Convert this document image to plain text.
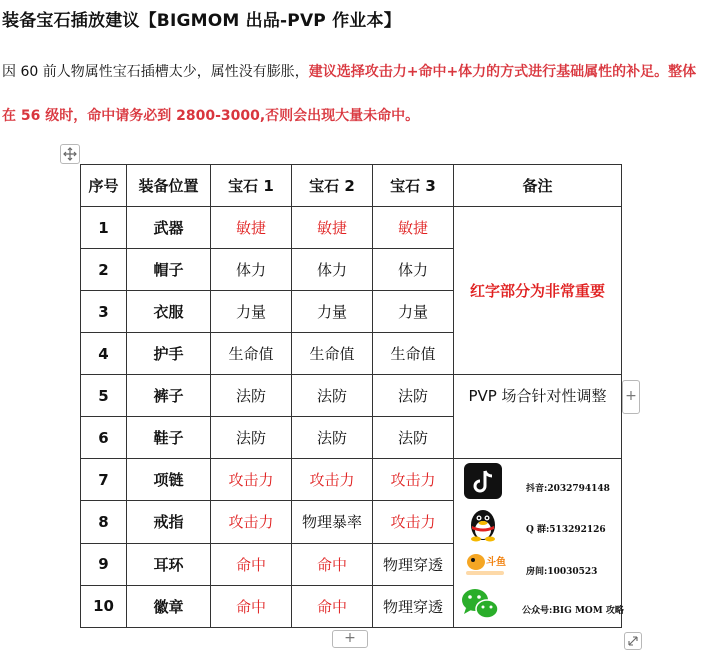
装备宝石插放建议【BIGMOM 出品-PVP 作业本】
因 60 前人物属性宝石插槽太少，属性没有膨胀，建议选择攻击力+命中+体力的方式进行基础属性的补足。整体在 56 级时，命中请务必到 2800-3000,否则会出现大量未命中。
序号	装备位置	宝石 1	宝石 2	宝石 3	备注
1	武器	敏捷	敏捷	敏捷	红字部分为非常重要
2	帽子	体力	体力	体力	
3	衣服	力量	力量	力量	
4	护手	生命值	生命值	生命值	
5	裤子	法防	法防	法防	PVP 场合针对性调整
6	鞋子	法防	法防	法防	
7	项链	攻击力	攻击力	攻击力	抖音:2032794148
Q 群:513292126
斗鱼
房间:10030523
公众号:BIG MOM 攻略

8	戒指	攻击力	物理暴率	攻击力	
9	耳环	命中	命中	物理穿透	
10	徽章	命中	命中	物理穿透	
+
+
